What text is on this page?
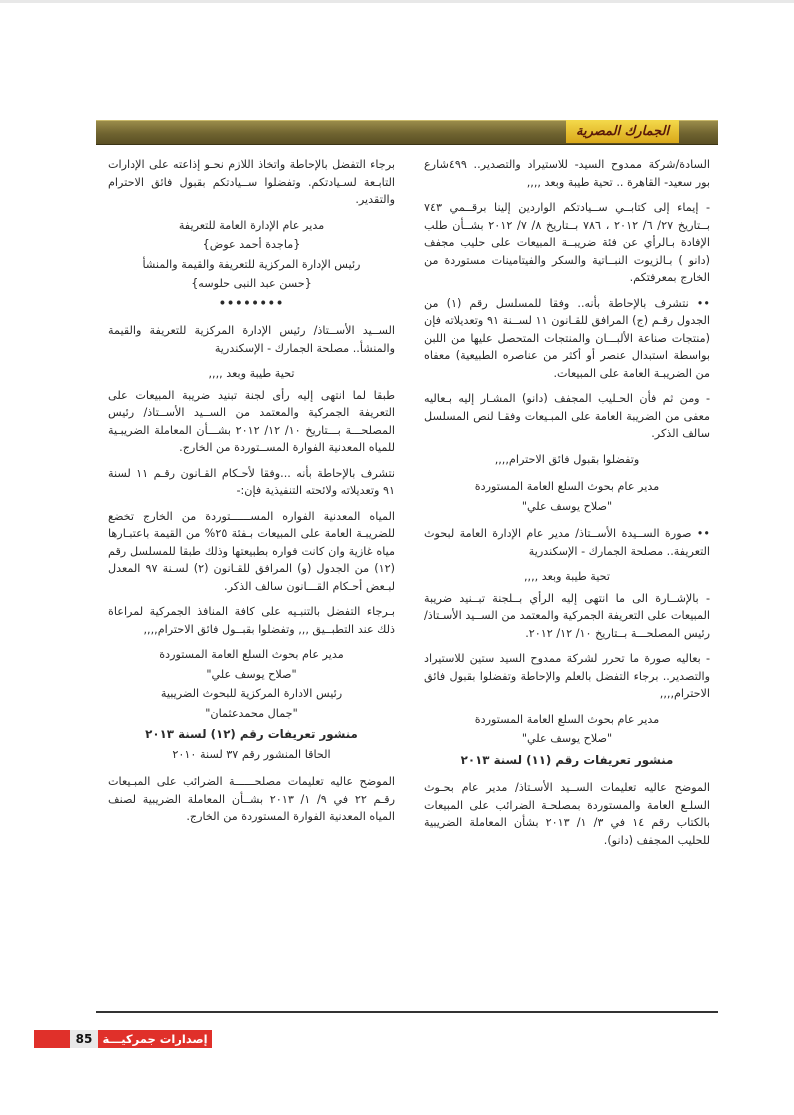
الجمارك المصرية

السادة/شركة ممدوح السيد- للاستيراد والتصدير.. ٤٩٩شارع بور سعيد- القاهرة .. تحية طيبة وبعد ,,,,

- إيماء إلى كتابــي ســيادتكم الواردين إلينا برقــمي ٧٤٣ بــتاريخ ٢٧/ ٦/ ٢٠١٢ ، ٧٨٦ بــتاريخ ٨/ ٧/ ٢٠١٢ بشــأن طلب الإفادة بـالرأي عن فئة ضريبــة المبيعات على حليب مجفف (دانو ) بـالزيوت النبــاتية والسكر والفيتامينات مستوردة من الخارج بمعرفتكم.

•• نتشرف بالإحاطة بأنه.. وفقا للمسلسل رقم (١) من الجدول رقـم (ج) المرافق للقـانون ١١ لســنة ٩١ وتعديلاته فإن (منتجات صناعة الألبـــان والمنتجات المتحصل عليها من اللبن بواسطة استبدال عنصر أو أكثر من عناصره الطبيعية) معفاه من الضريبـة العامة على المبيعات.

- ومن ثم فأن الحـليب المجفف (دانو) المشـار إليه بـعاليه معفى من الضريبة العامة على المبـيعات وفقـا لنص المسلسل سالف الذكر.

وتفضلوا بقبول فائق الاحترام,,,,

مدير عام بحوث السلع العامة المستوردة

"صلاح يوسف علي"

•• صورة الســيدة الأســتاذ/ مدير عام الإدارة العامة لبحوث التعريفة.. مصلحة الجمارك - الإسكندرية

تحية طيبة وبعد ,,,,

- بالإشــارة الى ما انتهى إليه الرأي بــلجنة تبــنيد ضريبة المبيعات على التعريفة الجمركية والمعتمد من الســيد الأسـتاذ/ رئيس المصلحـــة بــتاريخ ١٠/ ١٢/ ٢٠١٢.

- بعاليه صورة ما تحرر لشركة ممدوح السيد ستين للاستيراد والتصدير.. برجاء التفضل بالعلم والإحاطة وتفضلوا بقبول فائق الاحترام,,,,

مدير عام بحوث السلع العامة المستوردة

"صلاح يوسف علي"

منشور تعريفات رقم (١١) لسنة ٢٠١٣

الموضح عاليه تعليمات الســيد الأسـتاذ/ مدير عام بحـوث السلـع العامة والمستوردة بمصلحـة الضرائب على المبيعات بالكتاب رقم ١٤ في ٣/ ١/ ٢٠١٣ بشأن المعاملة الضريبية للحليب المجفف (دانو).

برجاء التفضل بالإحاطة واتخاذ اللازم نحـو إذاعته على الإدارات التابـعة لسـيادتكم. وتفضلوا ســيادتكم بقبول فائق الاحترام والتقدير.

مدير عام الإدارة العامة للتعريفة

{ماجدة أحمد عوض}

رئيس الإدارة المركزية للتعريفة والقيمة والمنشأ

{حسن عبد النبى حلوسه}

••••••••

الســيد الأســتاذ/ رئيس الإدارة المركزية للتعريفة والقيمة والمنشأ.. مصلحة الجمارك - الإسكندرية

تحية طيبة وبعد ,,,,

طبقا لما انتهى إليه رأى لجنة تبنيد ضريبة المبيعات على التعريفة الجمركية والمعتمد من الســيد الأســتاذ/ رئيس المصلحـــة بـــتاريخ ١٠/ ١٢/ ٢٠١٢ بشـــأن المعاملة الضريبـية للمياه المعدنية الفوارة المســتوردة من الخارج.

نتشرف بالإحاطة بأنه ...وفقا لأحـكام القـانون رقـم ١١ لسنة ٩١ وتعديلاته ولائحته التنفيذية فإن:-

المياه المعدنية الفواره المســــــتوردة من الخارج تخضع للضريبـة العامة على المبيعات بـفئة ٢٥% من القيمة باعتبـارها مياه غازية وان كانت فواره بطبيعتها وذلك طبقا للمسلسل رقم (١٢) من الجدول (و) المرافق للقـانون (٢) لسـنة ٩٧ المعدل لبـعض أحـكام القـــانون سالف الذكر.

بـرجاء التفضل بالتنبـيه على كافة المنافذ الجمركية لمراعاة ذلك عند التطبــيق ,,, وتفضلوا بقبــول فائق الاحترام,,,,

مدير عام بحوث السلع العامة المستوردة

"صلاح يوسف علي"

رئيس الادارة المركزية للبحوث الضريبية

"جمال محمدعثمان"

منشور تعريفات رقم (١٢) لسنة ٢٠١٣

الحاقا المنشور رقم ٣٧ لسنة ٢٠١٠

الموضح عاليه تعليمات مصلحــــــة الضرائب على المبـيعات رقـم ٢٢ في ٩/ ١/ ٢٠١٣ بشــأن المعاملة الضريبية لصنف المياه المعدنية الفوارة المستوردة من الخارج.

85 إصدارات جمركيـــة
